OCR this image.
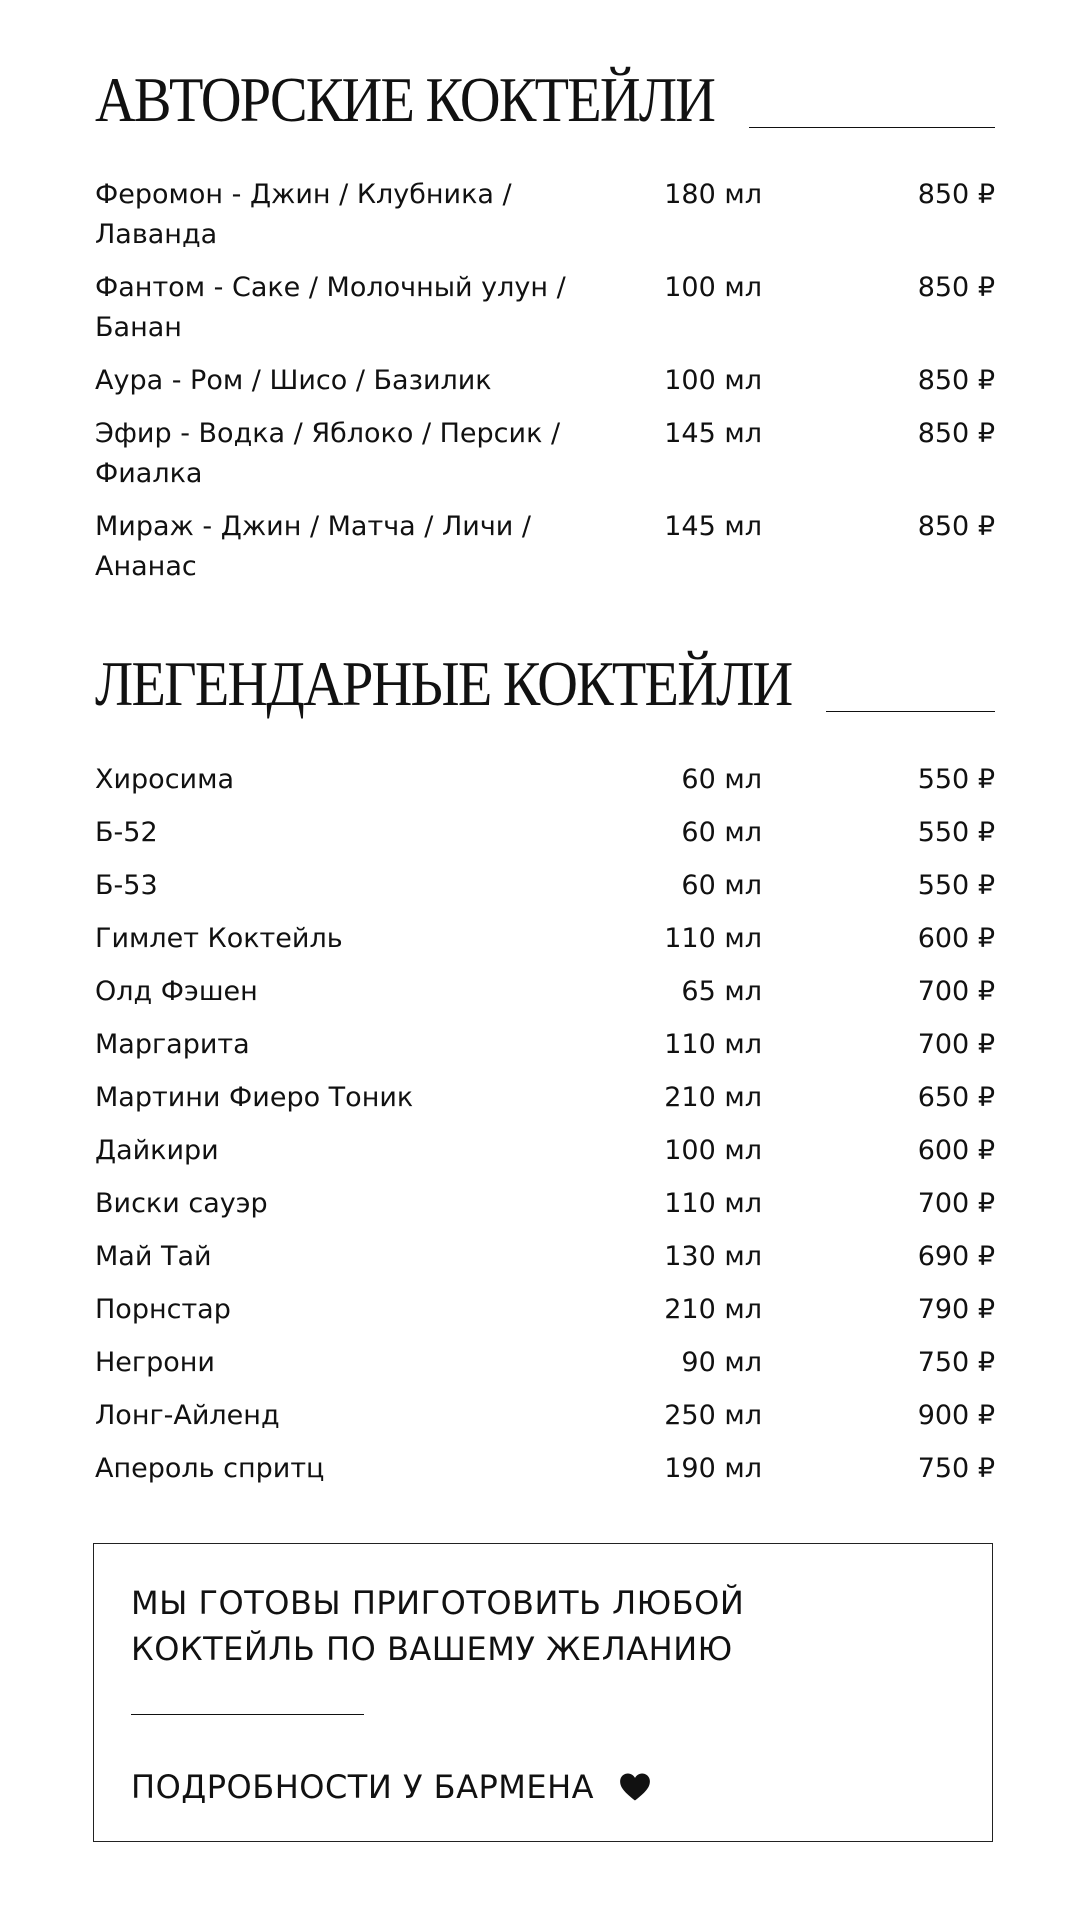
АВТОРСКИЕ КОКТЕЙЛИ
Феромон - Джин / Клубника / Лаванда
180 мл	850 ₽
Фантом - Саке / Молочный улун / Банан
100 мл	850 ₽
Аура - Ром / Шисо / Базилик	100 мл	850 ₽
Эфир - Водка / Яблоко / Персик / Фиалка
145 мл	850 ₽
Мираж - Джин / Матча / Личи / Ананас
145 мл	850 ₽
ЛЕГЕНДАРНЫЕ КОКТЕЙЛИ
Хиросима	60 мл	550 ₽
Б-52	60 мл	550 ₽
Б-53	60 мл	550 ₽
Гимлет Коктейль	110 мл	600 ₽
Олд Фэшен	65 мл	700 ₽
Маргарита	110 мл	700 ₽
Мартини Фиеро Тоник	210 мл	650 ₽
Дайкири	100 мл	600 ₽
Виски сауэр	110 мл	700 ₽
Май Тай	130 мл	690 ₽
Порнстар	210 мл	790 ₽
Негрони	90 мл	750 ₽
Лонг-Айленд	250 мл	900 ₽
Апероль спритц	190 мл	750 ₽
МЫ ГОТОВЫ ПРИГОТОВИТЬ ЛЮБОЙ
КОКТЕЙЛЬ ПО ВАШЕМУ ЖЕЛАНИЮ
ПОДРОБНОСТИ У БАРМЕНА
